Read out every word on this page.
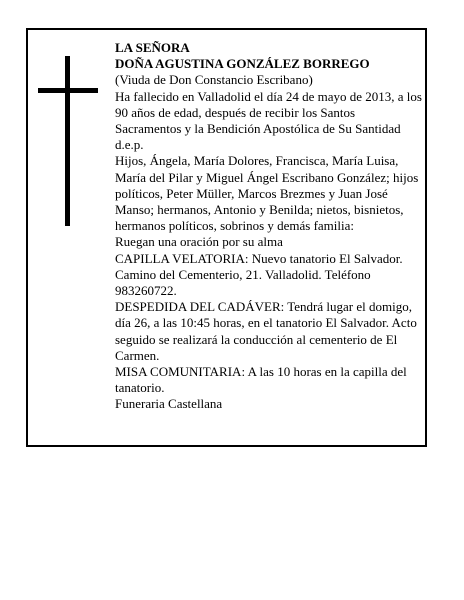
LA SEÑORA

DOÑA AGUSTINA GONZÁLEZ BORREGO

(Viuda de Don Constancio Escribano)

Ha fallecido en Valladolid el día 24 de mayo de 2013, a los 90 años de edad, después de recibir los Santos Sacramentos y la Bendición Apostólica de Su Santidad

d.e.p.

Hijos, Ángela, María Dolores, Francisca, María Luisa, María del Pilar y Miguel Ángel Escribano González; hijos políticos, Peter Müller, Marcos Brezmes y Juan José Manso; hermanos, Antonio y Benilda; nietos, bisnietos, hermanos políticos, sobrinos y demás familia:

Ruegan una oración por su alma

CAPILLA VELATORIA: Nuevo tanatorio El Salvador. Camino del Cementerio, 21. Valladolid. Teléfono 983260722.

DESPEDIDA DEL CADÁVER: Tendrá lugar el domigo, día 26, a las 10:45 horas, en el tanatorio El Salvador. Acto seguido se realizará la conducción al cementerio de El Carmen.

MISA COMUNITARIA: A las 10 horas en la capilla del tanatorio.

Funeraria Castellana
